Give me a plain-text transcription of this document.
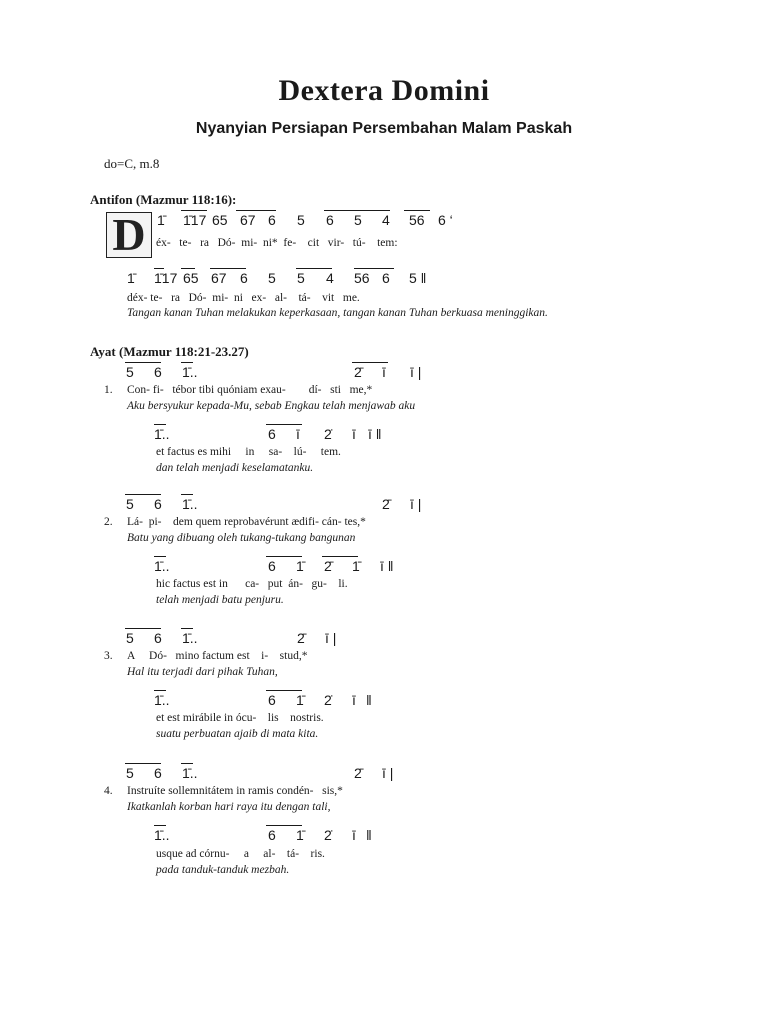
Dextera Domini
Nyanyian Persiapan Persembahan Malam Paskah
do=C, m.8
Antifon (Mazmur 118:16):
D 1̄ 1̄17 65 67 6 5 6 5 4 56 6 ‘
éx-   te-   ra   Dó-  mi-  ni*  fe-    cit   vir-   tú-    tem:
1̄ 1̄17 65 67 6 5 5 4 56 6 5 ‖
déx- te-   ra   Dó-  mi-  ni   ex-   al-    tá-    vit   me.
Tangan kanan Tuhan melakukan keperkasaan, tangan kanan Tuhan berkuasa meninggikan.
Ayat (Mazmur 118:21-23.27)
5 6 1̄..	2̄ ī ī |
1. Con- fi-   tébor tibi quóniam exau-        dí-   sti   me,*
Aku bersyukur kepada-Mu, sebab Engkau telah menjawab aku
1̄..	6 ī 2̇ ī ī ‖
et factus es mihi     in     sa-    lú-     tem.
dan telah menjadi keselamatanku.
5 6 1̄..	2̄ ī |
2. Lá-  pi-    dem quem reprobavérunt ædifi- cán- tes,*
Batu yang dibuang oleh tukang-tukang bangunan
1̄..	6 1̄ 2̄ 1̄ ī ‖
hic factus est in      ca-   put  án-   gu-    li.
telah menjadi batu penjuru.
5 6 1̄..	2̄ ī |
3. A     Dó-   mino factum est    i-    stud,*
Hal itu terjadi dari pihak Tuhan,
1̄..	6 1̄ 2̇ ī ‖
et est mirábile in ócu-    lis    nostris.
suatu perbuatan ajaib di mata kita.
5 6 1̄..	2̄ ī |
4. Instruíte sollemnitátem in ramis condén-   sis,*
Ikatkanlah korban hari raya itu dengan tali,
1̄..	6 1̄ 2̇ ī ‖
usque ad córnu-     a     al-    tá-    ris.
pada tanduk-tanduk mezbah.
